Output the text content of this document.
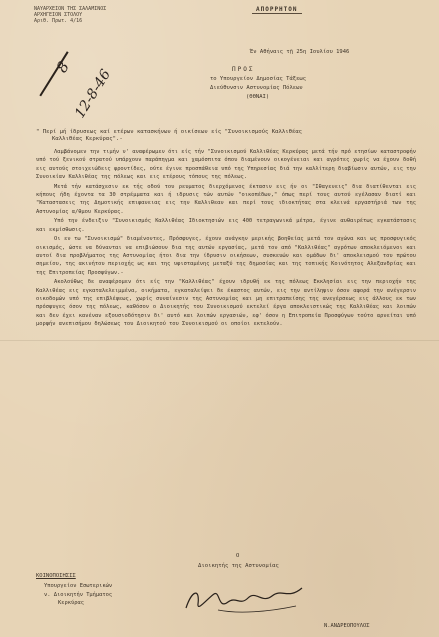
ΝΑΥΑΡΧΕΙΟΝ ΤΗΣ ΣΑΛΑΜΙΝΟΣ
ΑΡΧΗΓΕΙΟΝ ΣΤΟΛΟΥ
Αριθ. Πρωτ. 4/16
ΑΠΟΡΡΗΤΟΝ
Έν Αθήναις τῇ 25η Ιουλίου 1946
8
12-8-46	ΠΡΟΣ
το Υπουργείον Δημοσίας Τάξεως
Διεύθυνσιν Αστυνομίας Πόλεων
(ΘΘΝΑΙ)
" Περί μή ίδρυσεως καί ετέρων κατασκήνων ή οικίσεων είς "Συνοικισμούς Καλλιθέας
Καλλιθέας Κερκύρας".-

Λαμβάνομεν την τιμήν ν' αναφέρωμεν ότι είς τήν "Συνοικισμού Καλλιθέας Κερκύρας μετά τήν πρό ετησίων καταστροφήν υπό τού ξενικού στρατού υπάρχουν παράπηγμα και χαμόσπιτα όπου διαμένουν οικογένειαι και αγρότες χωρίς να έχουν δοθή εις αυτούς στοιχειώδεις φροντίδες, ούτε έγινε προσπάθεια υπό της Υπηρεσίας διά την καλλίτερη διαβίωσιν αυτών, εις την Συνοικίαν Καλλιθέας της πόλεως και εις ετέρους τόπους της πόλεως.

Μετά τήν κατάσχεσιν εκ τής οδού του ρευματος διερχόμενος έκτασιν εις ήν οι "Ιθαγενεις" δια διατίθενται εις κήπους ήδη έχοντα τα 30 στρέμματα και ή ιδρυσις τών αυτών "οικοπέδων," όπως περί τους αυτού εγέλασαν διατί και "Καταστασεις της Δημοτικής επιφανειας εις την Καλλιθεαν και περί τους ιδιοκτήτας στα κλεινά εργαστήριά των της Αστυνομίας α/θμου Κερκύρας.

Υπό την ένδειξιν "Συνοικισμός Καλλιθέας Ιδιοκτησιών εις 400 τετραγωνικά μέτρα, έγινε αυθαιρέτως εγκατάστασις και εκμίσθωσις.

Οι εν τω "Συνοικισμώ" διαμένοντες, Πρόσφυγες, έχουν ανάγκην μερικής βοηθείας μετά τον αγώνα και ως προσφυγικός οικισμός, ώστε να δύνανται να επιβιώσουν δια της αυτών εργασίας, μετά τον από "Καλλιθέας" αγρότων αποκλειόμενοι και αυτοί δια προβλήματος της Αστυνομίας ήτοι δια την ίδρυσιν οικήσεων, συσκευών και ομάδων δι' αποκλεισμού του πρώτου σημείου, της ακινήτου περιοχής ως και της υφισταμένης μεταξύ της δημοσίας και της τοπικής Κοινότητος Αλεξανδρίας και της Επιτροπείας Προσφύγων.-

Ακολούθως δε αναφέρομεν ότι είς την "Καλλιθέας" έχουν ιδρυθή εκ της πόλεως Εκκλησίαι εις την περιοχήν της Καλλιθέας εις εγκαταλελειμμένα, οικήματα, εγκαταλείψει δε έκαστος αυτών, εις την αντίληψιν όσον αφορά την ανέγερσιν οικοδομών υπό της επιβλέψεως, χωρίς συναίνεσιν της Αστυνομίας και μη επιτραπείσης της ανεγέρσεως εις άλλους εκ των πρόσφυγες όσον της πόλεως, καθόσον ο Διοικητής του Συνοικισμού εκτελεί έργα αποκλειστικώς της Καλλιθέας και λοιπών και δεν έχει κανέναν εξουσιοδότησιν δι' αυτό και λοιπών εργασιών, εφ' όσον η Επιτροπεία Προσφύγων τούτο αρνείται υπό μορφήν ανεπισήμου δηλώσεως του Διοικητού του Συνοικισμού οι οποίοι εκτελούν.

Ο
Διοικητής της Αστυνομίας
Ν.ΑΝΔΡΕΟΠΟΥΛΟΣ
ΚΟΙΝΟΠΟΙΗΣΙΣ
Υπουργείον Εσωτερικών
ν. Διοικητήν Τμήματος
Κερκύρας
